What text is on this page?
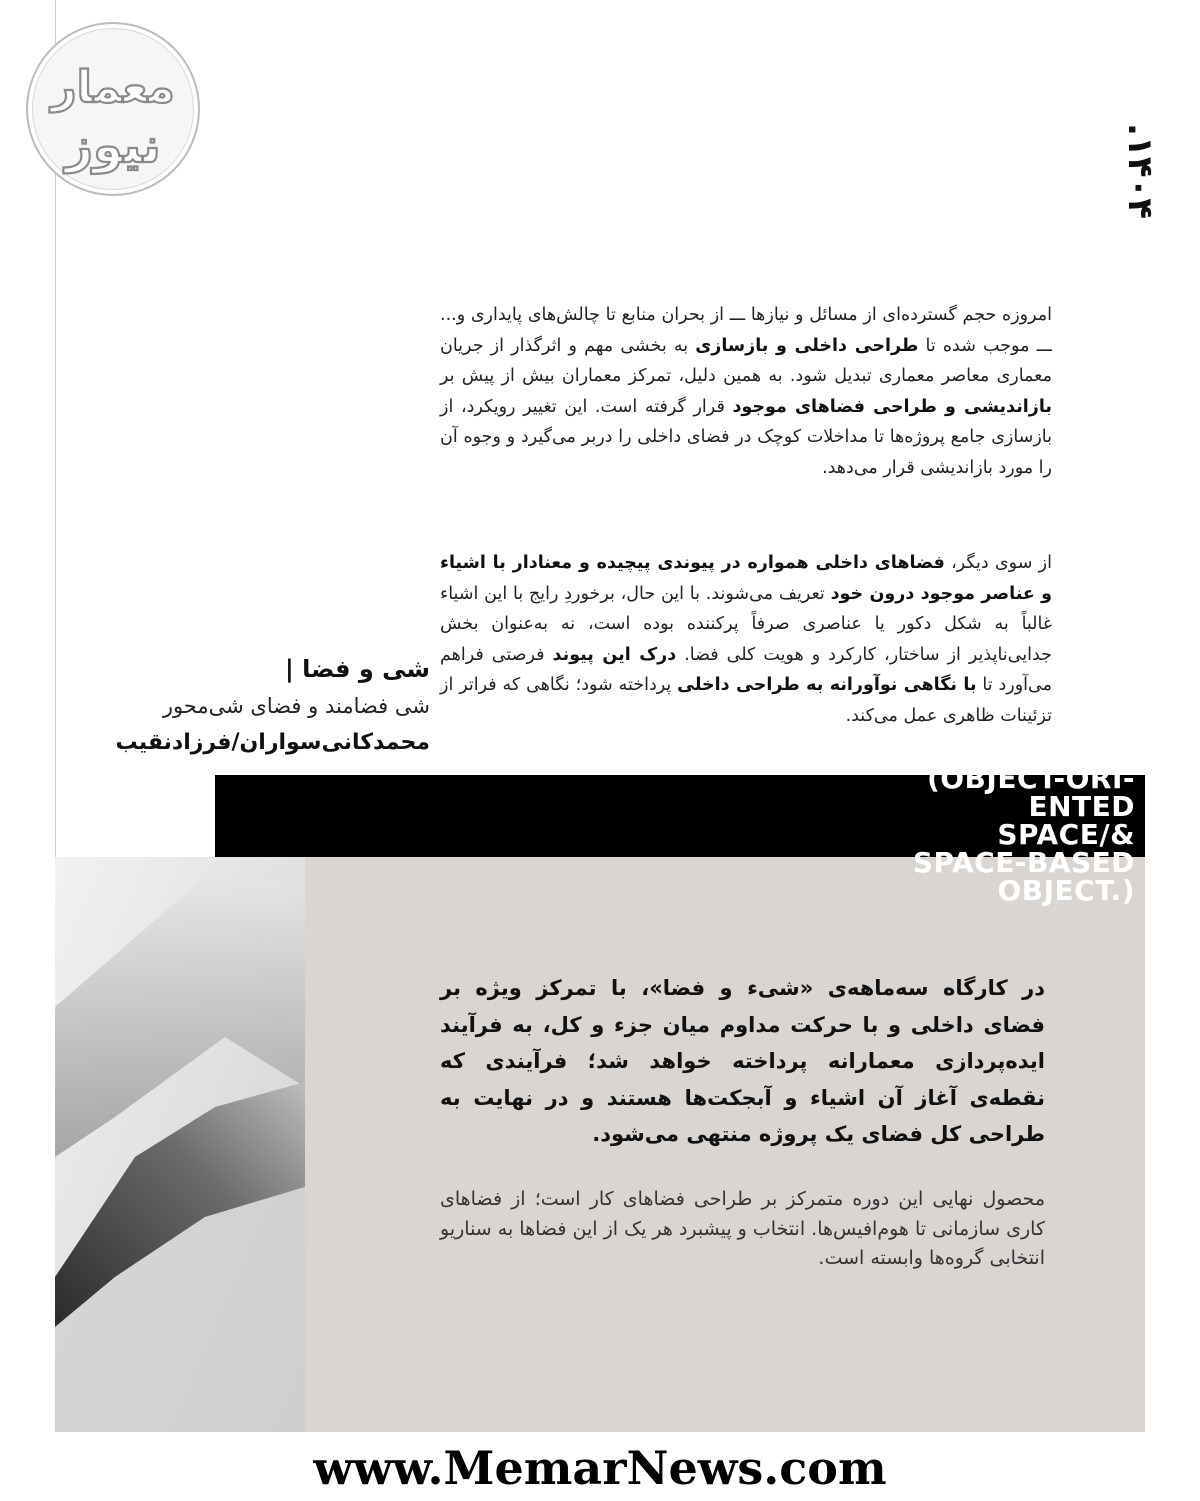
معمار
نیوز	۱۴۰۴.
امروزه حجم گسترده‌ای از مسائل و نیازها ـــ از بحران منابع تا چالش‌های پایداری و... ـــ موجب شده تا طراحی داخلی و بازسازی به بخشی مهم و اثرگذار از جریان معماری معاصر معماری تبدیل شود. به همین دلیل، تمرکز معماران بیش از پیش بر بازاندیشی و طراحی فضاهای موجود قرار گرفته است. این تغییر رویکرد، از بازسازی جامع پروژه‌ها تا مداخلات کوچک در فضای داخلی را دربر می‌گیرد و وجوه آن را مورد بازاندیشی قرار می‌دهد.
از سوی دیگر، فضاهای داخلی همواره در پیوندی پیچیده و معنادار با اشیاء و عناصر موجود درون خود تعریف می‌شوند. با این حال، برخوردِ رایج با این اشیاء غالباً به شکل دکور یا عناصری صرفاً پرکننده بوده است، نه به‌عنوان بخش جدایی‌ناپذیر از ساختار، کارکرد و هویت کلی فضا. درک این پیوند فرصتی فراهم می‌آورد تا با نگاهی نوآورانه به طراحی داخلی پرداخته شود؛ نگاهی که فراتر از تزئینات ظاهری عمل می‌کند.
شی و فضا |
شی فضامند و فضای شی‌محور
محمدکانی‌سواران/فرزادنقیب
(OBJECT-ORI-
ENTED
SPACE/&
SPACE-BASED
OBJECT.)
در کارگاه سه‌ماهه‌ی «شیء و فضا»، با تمرکز ویژه بر فضای داخلی و با حرکت مداوم میان جزء و کل، به فرآیند ایده‌پردازی معمارانه پرداخته خواهد شد؛ فرآیندی که نقطه‌ی آغاز آن اشیاء و آبجکت‌ها هستند و در نهایت به طراحی کل فضای یک پروژه منتهی می‌شود.
محصول نهایی این دوره متمرکز بر طراحی فضاهای کار است؛ از فضاهای کاری سازمانی تا هوم‌افیس‌ها. انتخاب و پیشبرد هر یک از این فضاها به سناریو انتخابی گروه‌ها وابسته است.
www.MemarNews.com
